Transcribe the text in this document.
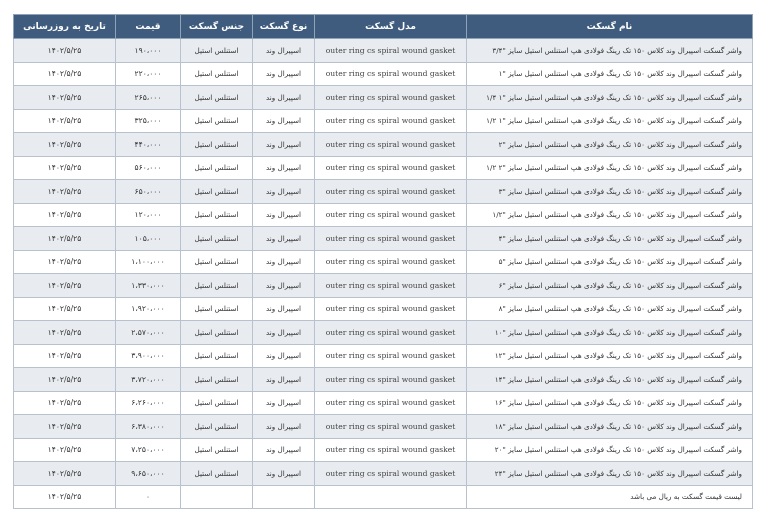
نام گسکت	مدل گسکت	نوع گسکت	جنس گسکت	قیمت	تاریخ به روزرسانی
واشر گسکت اسپیرال وند کلاس ۱۵۰ تک رینگ فولادی هپ استنلس استیل سایز "۳/۴	outer ring cs spiral wound gasket	اسپیرال وند	استنلس استیل	۱۹۰،۰۰۰	۱۴۰۲/۵/۲۵
واشر گسکت اسپیرال وند کلاس ۱۵۰ تک رینگ فولادی هپ استنلس استیل سایز "۱	outer ring cs spiral wound gasket	اسپیرال وند	استنلس استیل	۲۲۰،۰۰۰	۱۴۰۲/۵/۲۵
واشر گسکت اسپیرال وند کلاس ۱۵۰ تک رینگ فولادی هپ استنلس استیل سایز "۱ ۱/۴	outer ring cs spiral wound gasket	اسپیرال وند	استنلس استیل	۲۶۵،۰۰۰	۱۴۰۲/۵/۲۵
واشر گسکت اسپیرال وند کلاس ۱۵۰ تک رینگ فولادی هپ استنلس استیل سایز "۱ ۱/۲	outer ring cs spiral wound gasket	اسپیرال وند	استنلس استیل	۳۲۵،۰۰۰	۱۴۰۲/۵/۲۵
واشر گسکت اسپیرال وند کلاس ۱۵۰ تک رینگ فولادی هپ استنلس استیل سایز "۲	outer ring cs spiral wound gasket	اسپیرال وند	استنلس استیل	۴۴۰،۰۰۰	۱۴۰۲/۵/۲۵
واشر گسکت اسپیرال وند کلاس ۱۵۰ تک رینگ فولادی هپ استنلس استیل سایز "۲ ۱/۲	outer ring cs spiral wound gasket	اسپیرال وند	استنلس استیل	۵۶۰،۰۰۰	۱۴۰۲/۵/۲۵
واشر گسکت اسپیرال وند کلاس ۱۵۰ تک رینگ فولادی هپ استنلس استیل سایز "۳	outer ring cs spiral wound gasket	اسپیرال وند	استنلس استیل	۶۵۰،۰۰۰	۱۴۰۲/۵/۲۵
واشر گسکت اسپیرال وند کلاس ۱۵۰ تک رینگ فولادی هپ استنلس استیل سایز "۱/۲	outer ring cs spiral wound gasket	اسپیرال وند	استنلس استیل	۱۲۰،۰۰۰	۱۴۰۲/۵/۲۵
واشر گسکت اسپیرال وند کلاس ۱۵۰ تک رینگ فولادی هپ استنلس استیل سایز "۴	outer ring cs spiral wound gasket	اسپیرال وند	استنلس استیل	۱۰۵،۰۰۰	۱۴۰۲/۵/۲۵
واشر گسکت اسپیرال وند کلاس ۱۵۰ تک رینگ فولادی هپ استنلس استیل سایز "۵	outer ring cs spiral wound gasket	اسپیرال وند	استنلس استیل	۱،۱۰۰،۰۰۰	۱۴۰۲/۵/۲۵
واشر گسکت اسپیرال وند کلاس ۱۵۰ تک رینگ فولادی هپ استنلس استیل سایز "۶	outer ring cs spiral wound gasket	اسپیرال وند	استنلس استیل	۱،۳۳۰،۰۰۰	۱۴۰۲/۵/۲۵
واشر گسکت اسپیرال وند کلاس ۱۵۰ تک رینگ فولادی هپ استنلس استیل سایز "۸	outer ring cs spiral wound gasket	اسپیرال وند	استنلس استیل	۱،۹۲۰،۰۰۰	۱۴۰۲/۵/۲۵
واشر گسکت اسپیرال وند کلاس ۱۵۰ تک رینگ فولادی هپ استنلس استیل سایز "۱۰	outer ring cs spiral wound gasket	اسپیرال وند	استنلس استیل	۲،۵۷۰،۰۰۰	۱۴۰۲/۵/۲۵
واشر گسکت اسپیرال وند کلاس ۱۵۰ تک رینگ فولادی هپ استنلس استیل سایز "۱۲	outer ring cs spiral wound gasket	اسپیرال وند	استنلس استیل	۳،۹۰۰،۰۰۰	۱۴۰۲/۵/۲۵
واشر گسکت اسپیرال وند کلاس ۱۵۰ تک رینگ فولادی هپ استنلس استیل سایز "۱۴	outer ring cs spiral wound gasket	اسپیرال وند	استنلس استیل	۳،۷۲۰،۰۰۰	۱۴۰۲/۵/۲۵
واشر گسکت اسپیرال وند کلاس ۱۵۰ تک رینگ فولادی هپ استنلس استیل سایز "۱۶	outer ring cs spiral wound gasket	اسپیرال وند	استنلس استیل	۶،۲۶۰،۰۰۰	۱۴۰۲/۵/۲۵
واشر گسکت اسپیرال وند کلاس ۱۵۰ تک رینگ فولادی هپ استنلس استیل سایز "۱۸	outer ring cs spiral wound gasket	اسپیرال وند	استنلس استیل	۶،۳۸۰،۰۰۰	۱۴۰۲/۵/۲۵
واشر گسکت اسپیرال وند کلاس ۱۵۰ تک رینگ فولادی هپ استنلس استیل سایز "۲۰	outer ring cs spiral wound gasket	اسپیرال وند	استنلس استیل	۷،۲۵۰،۰۰۰	۱۴۰۲/۵/۲۵
واشر گسکت اسپیرال وند کلاس ۱۵۰ تک رینگ فولادی هپ استنلس استیل سایز "۲۴	outer ring cs spiral wound gasket	اسپیرال وند	استنلس استیل	۹،۶۵۰،۰۰۰	۱۴۰۲/۵/۲۵
لیست قیمت گسکت به ریال می باشد				۰	۱۴۰۲/۵/۲۵
